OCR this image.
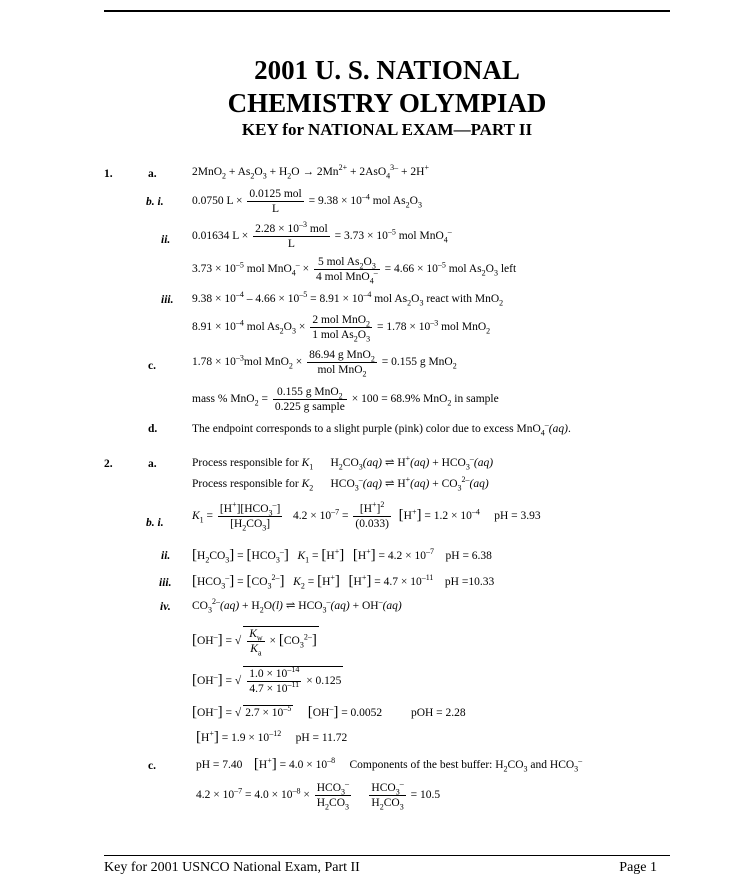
2001 U. S. NATIONAL
CHEMISTRY OLYMPIAD
KEY for NATIONAL EXAM—PART II
1.	a.	$2MnO_2 + As_2O_3 + H_2O \to 2Mn^{2+} + 2AsO_4^{3-} + 2H^+$
b. i. 0.0750 $L \times \frac{\text{0.0125 mol}}{L} = 9.38 \times 10^{-4}$ mol $As_2O_3$
ii. 0.01634 $L \times \frac{2.28 \times 10^{-3} mol}{L} = 3.73 \times 10^{-5}$ mol MnO$_4$–
$3.73 \times 10^{-5}$ mol $MnO_4^- \times \frac{5 mol As_2O_3}{4 mol MnO_4^-} = 4.66 \times 10^{-5}$ mol $As_2O_3$ left
iii. $9.38 \times 10^{-4} - 4.66 \times 10^{-5} = 8.91 \times 10^{-4}$ mol $As_2O_3$ react with MnO$_2$
$8.91 \times 10^{-4}$ mol $As_2O_3 \times \frac{2 mol MnO_2}{1 mol As_2O_3} = 1.78 \times 10^{-3}$ mol MnO$_2$
c.	$1.78 \times 10^{-3}mol$ $MnO_2 \times \frac{86.94 g MnO_2}{mol MnO_2} = 0.155$ g MnO$_2$
mass % $MnO_2 = \frac{0.155 g MnO_2}{\text{0.225 g sample}} \times 100 = 68.9\%$ MnO$_2$ in sample
d.	The endpoint corresponds to a slight purple (pink) color due to excess MnO$_4$–(aq).
2.	a.	Process responsible for $K_1$      $H_2CO_3(aq)$ ⇌ $H^+(aq) + HCO_3^-(aq)$
Process responsible for $K_2$      $HCO_3^-(aq)$ ⇌ $H^+(aq) + CO_3^{2-}(aq)$
b. i.
$K_1 = \frac{[H^+][HCO_3^-]}{[H_2CO_3]} 4.2 \times 10^{-7} = \frac{[H^+]^2}{(0.033)} [H^+] = 1.2 \times 10^{-4}$ pH = 3.93
ii. $[H_2CO_3] = [HCO_3^-] K_1 = [H^+] [H^+] = 4.2 \times 10^{-7}$ pH = 6.38
iii. $[HCO_3^-] = [CO_3^{2-}] K_2 = [H^+] [H^+] = 4.7 \times 10^{-11}$ pH =10.33
iv. $CO_3^{2-}(aq) + H_2O(l)$ ⇌ $HCO_3^-(aq) + OH^-(aq)$
[OH–] = √ $\frac{K_w}{K_a} \times [CO_3^{2-}]$
[OH–] = √ $\frac{1.0 \times 10^{-14}}{4.7 \times 10^{-11}} \times 0.125$
[OH–] = √ $2.7 \times 10^{-5}$ [OH–] = 0.0052          pOH = 2.28
$[H^+] = 1.9 \times 10^{-12}$ pH = 11.72
c.	pH = 7.40 $[H^+] = 4.0 \times 10^{-8}$ Components of the best buffer: $H_2CO_3$ and $HCO_3^-$
$4.2 \times 10^{-7} = 4.0 \times 10^{-8} \times \frac{HCO_3^-}{H_2CO_3}$
$\frac{HCO_3^-}{H_2CO_3} = 10.5$
Key for 2001 USNCO National Exam, Part II	Page 1
